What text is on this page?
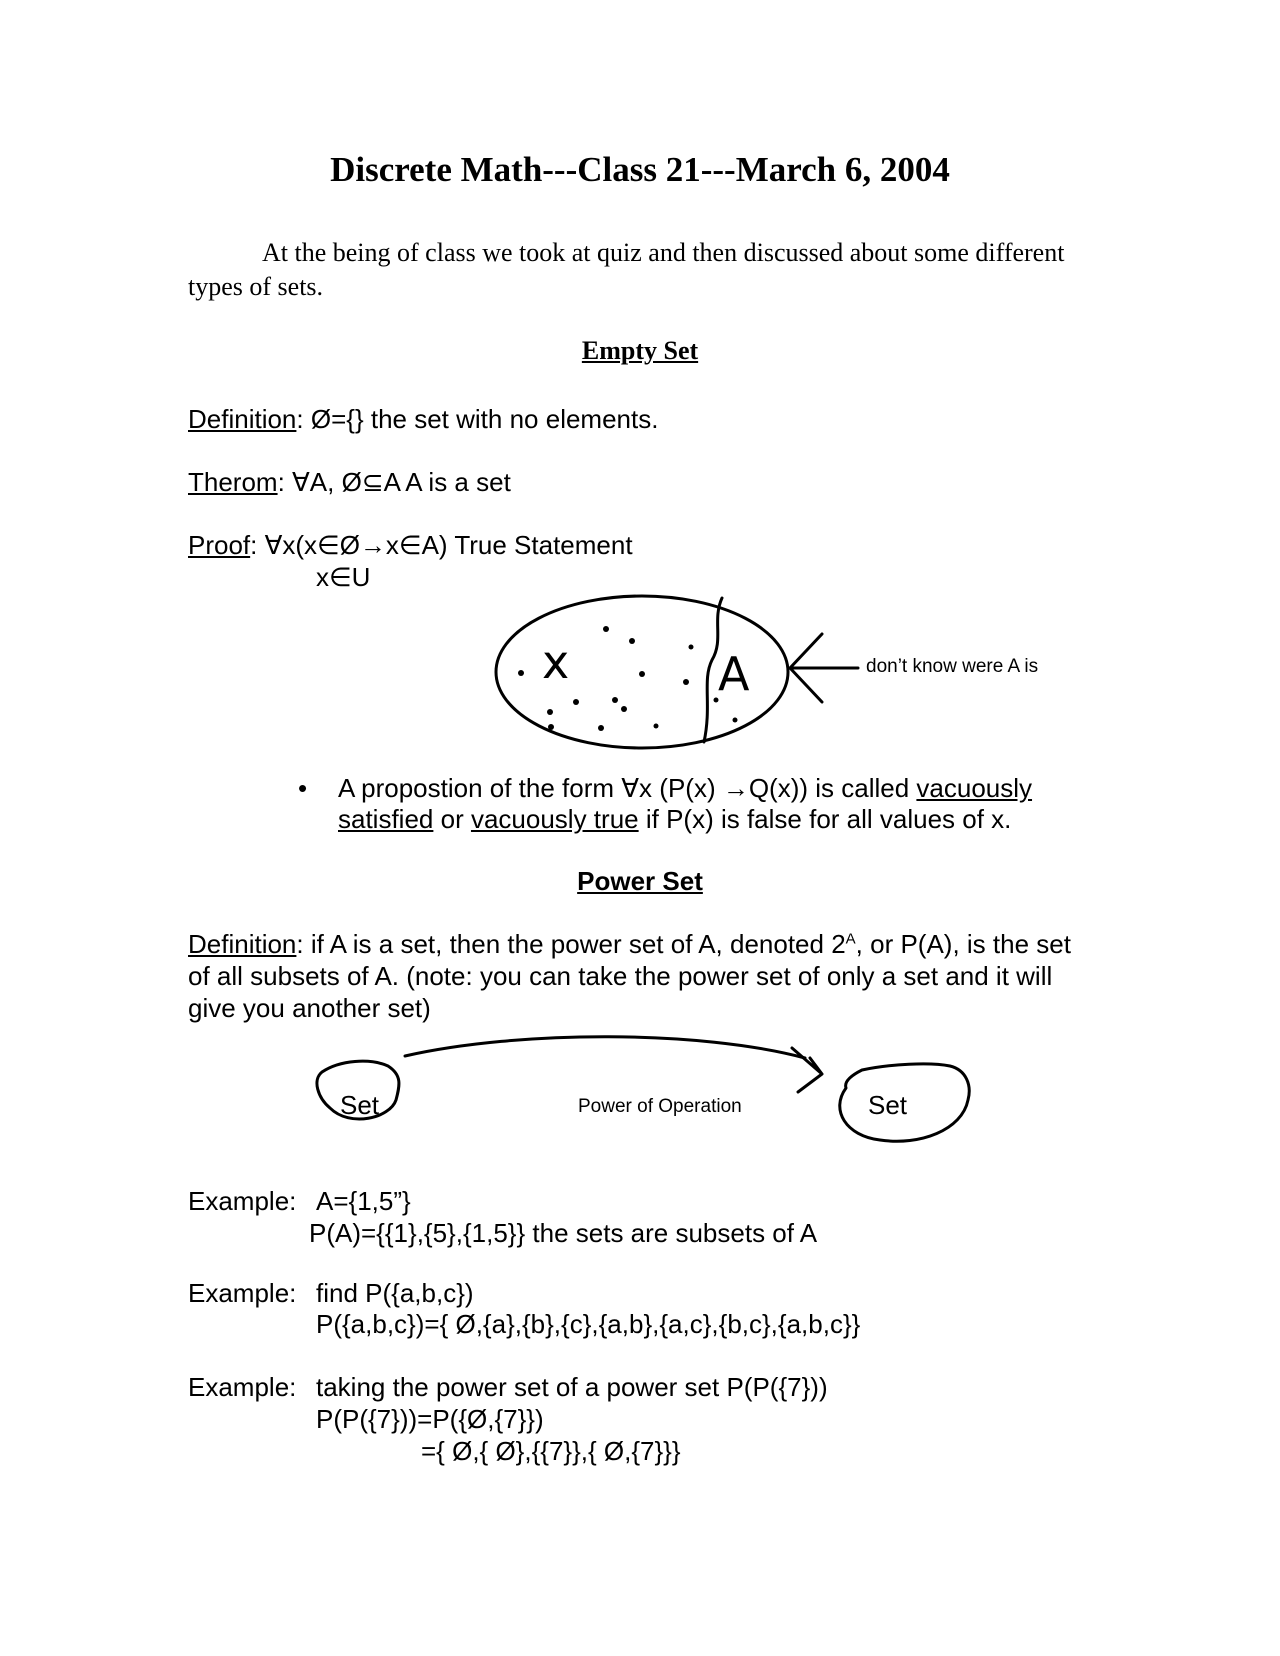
Discrete Math---Class 21---March 6, 2004
At the being of class we took at quiz and then discussed about some different types of sets.
Empty Set
Definition: Ø={} the set with no elements.
Therom: ∀A, Ø⊆A A is a set
Proof: ∀x(x∈Ø→x∈A) True Statement
x∈U
x	A	don’t know were A is
• A propostion of the form ∀x (P(x) →Q(x)) is called vacuously satisfied or vacuously true if P(x) is false for all values of x.
Power Set
Definition: if A is a set, then the power set of A, denoted $2^A$, or P(A), is the set of all subsets of A. (note: you can take the power set of only a set and it will give you another set)
Set	Power of Operation	Set
Example: A={1,5”}
P(A)={{1},{5},{1,5}} the sets are subsets of A
Example: find P({a,b,c})
P({a,b,c})={ Ø,{a},{b},{c},{a,b},{a,c},{b,c},{a,b,c}}
Example: taking the power set of a power set P(P({7}))
P(P({7}))=P({Ø,{7}})
={ Ø,{ Ø},{{7}},{ Ø,{7}}}
